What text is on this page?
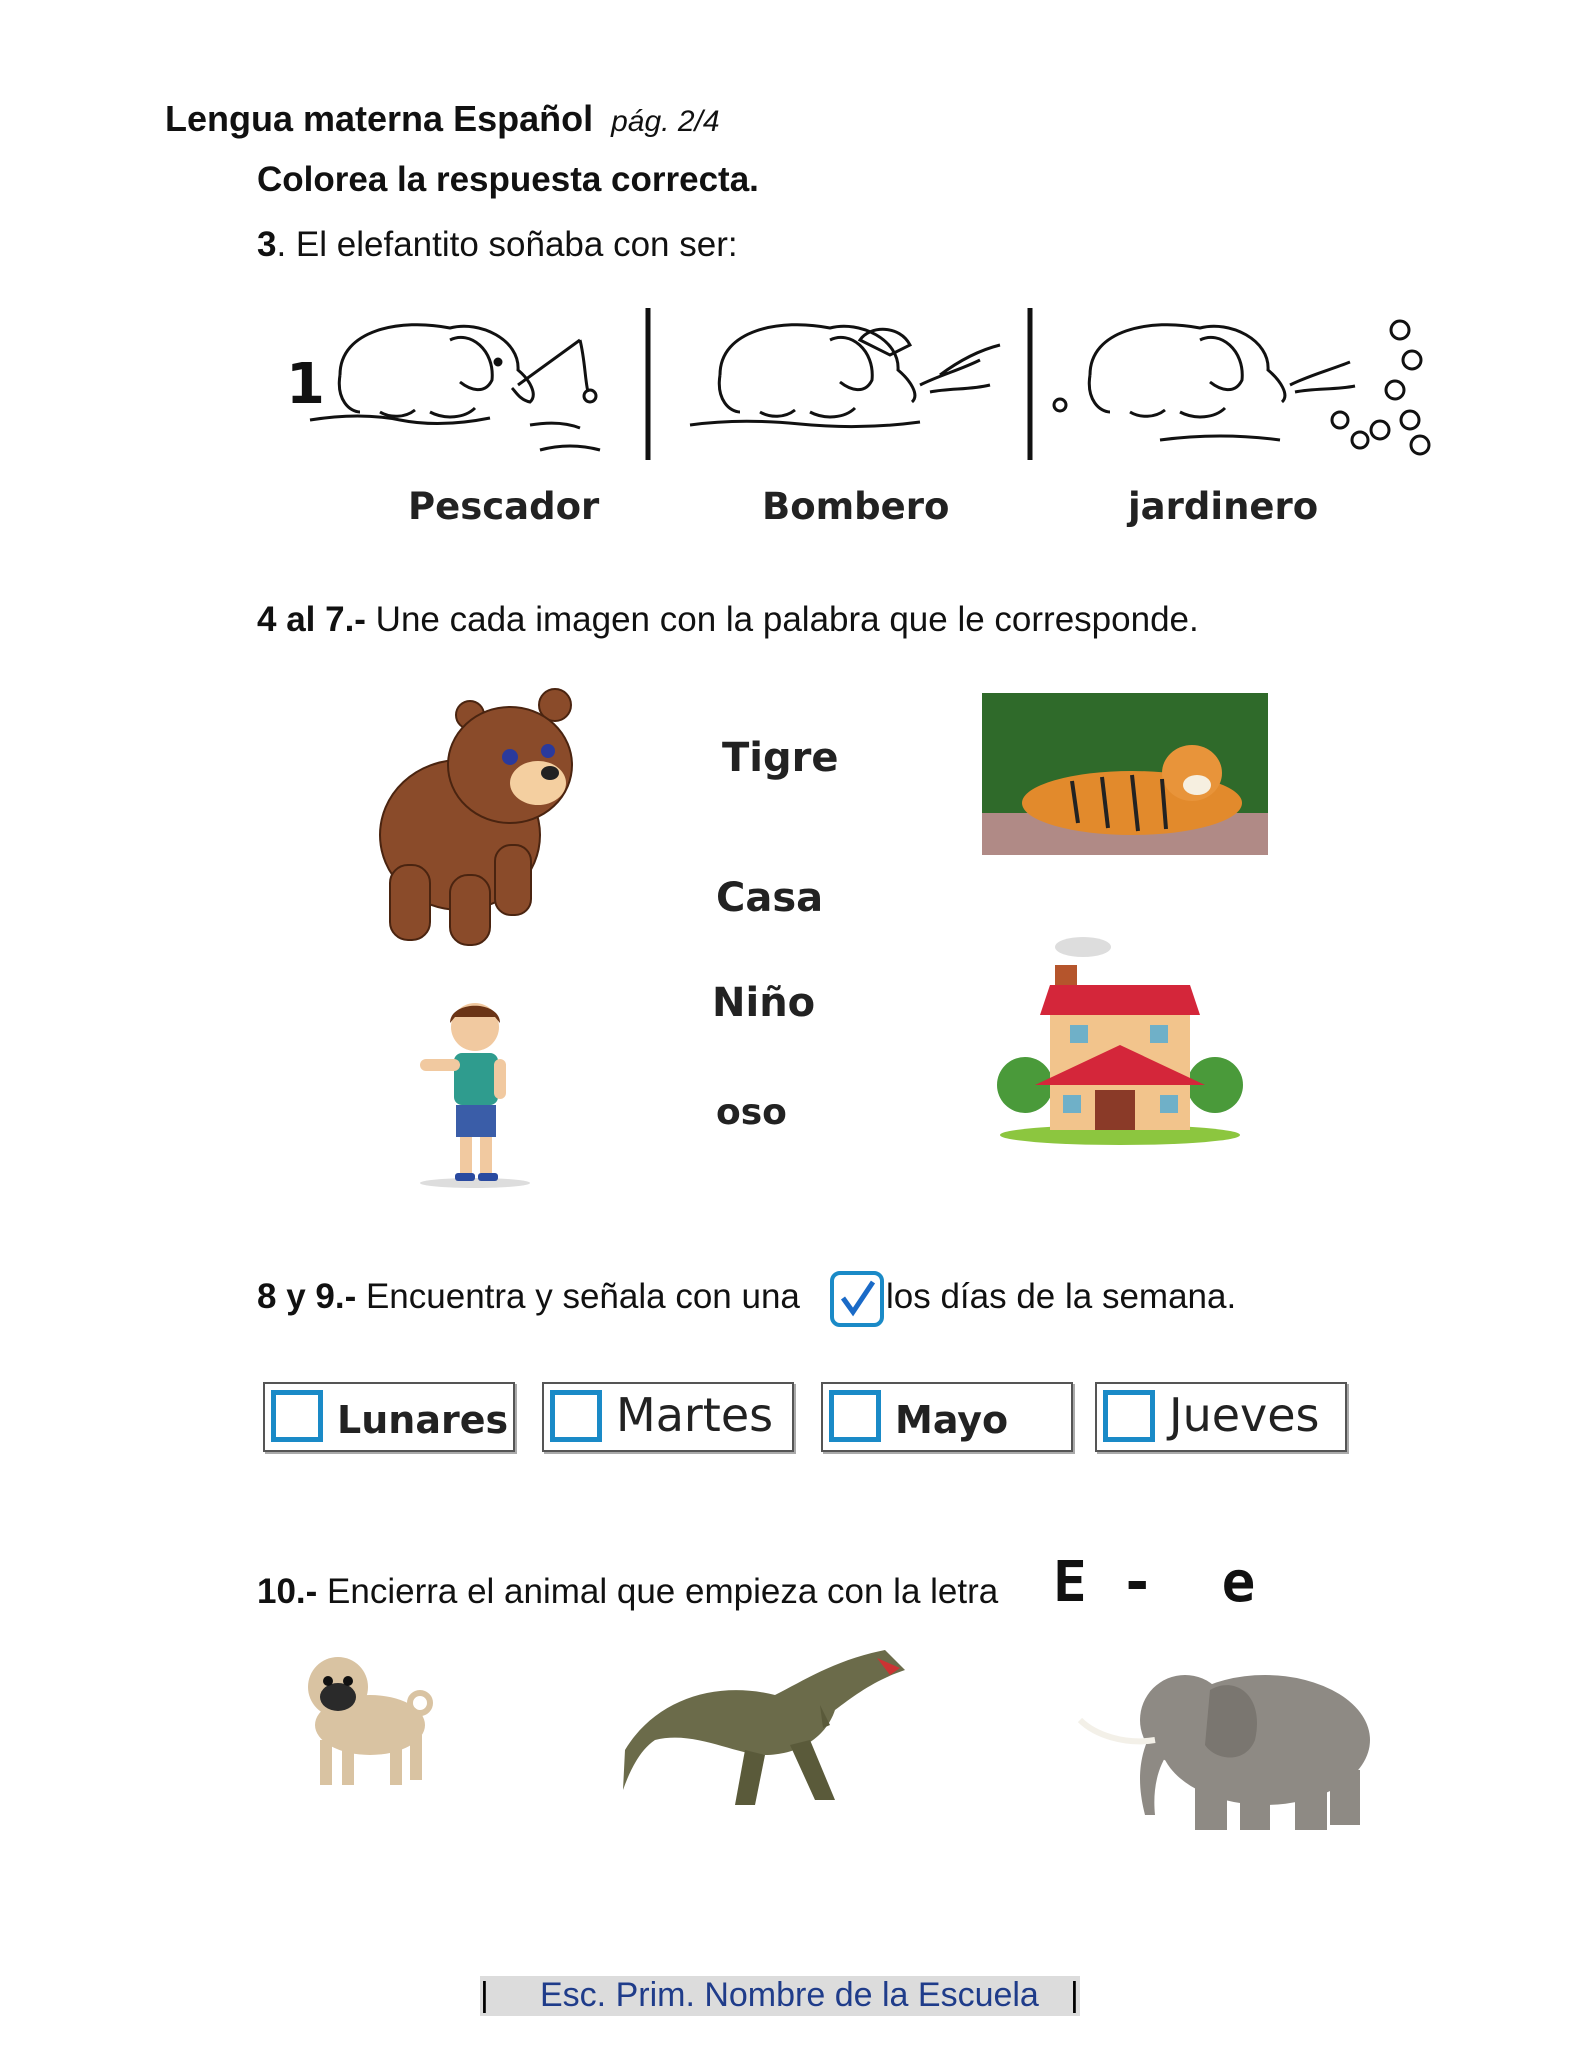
Lengua materna Español pág. 2/4
Colorea la respuesta correcta.
3. El elefantito soñaba con ser:
1
Pescador	Bombero	jardinero
4 al 7.- Une cada imagen con la palabra que le corresponde.
Tigre
Casa
Niño
oso
8 y 9.- Encuentra y señala con una los días de la semana.
Lunares Martes	Mayo	Jueves
10.- Encierra el animal que empieza con la letra E -  e
| Esc. Prim. Nombre de la Escuela |
